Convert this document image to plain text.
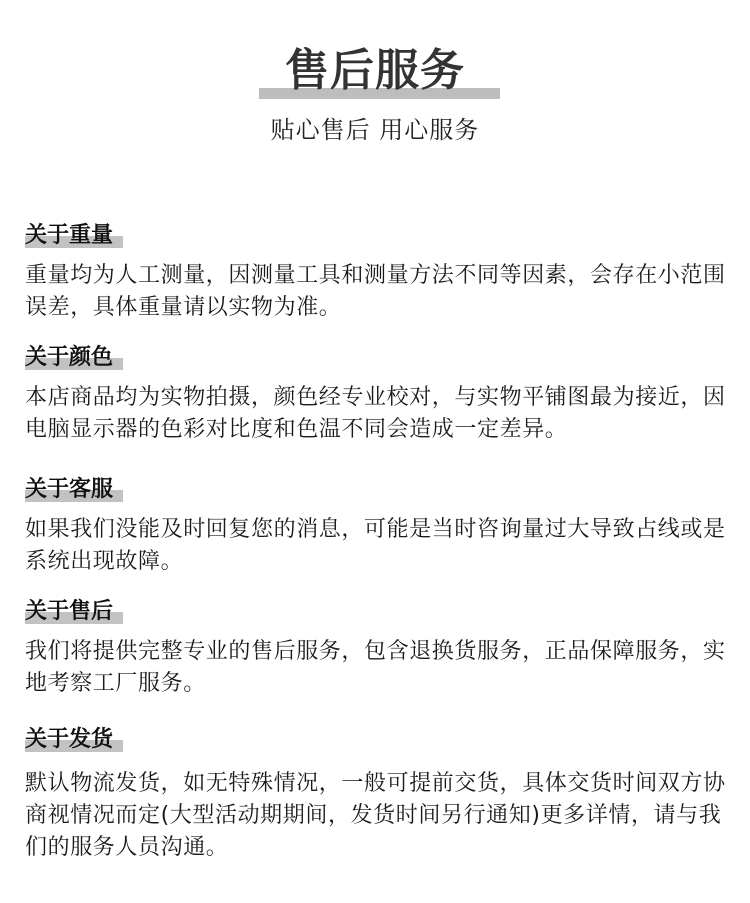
售后服务
贴心售后 用心服务
关于重量
重量均为人工测量，因测量工具和测量方法不同等因素，会存在小范围误差，具体重量请以实物为准。
关于颜色
本店商品均为实物拍摄，颜色经专业校对，与实物平铺图最为接近，因电脑显示器的色彩对比度和色温不同会造成一定差异。
关于客服
如果我们没能及时回复您的消息，可能是当时咨询量过大导致占线或是系统出现故障。
关于售后
我们将提供完整专业的售后服务，包含退换货服务，正品保障服务，实地考察工厂服务。
关于发货
默认物流发货，如无特殊情况，一般可提前交货，具体交货时间双方协商视情况而定(大型活动期期间，发货时间另行通知)更多详情，请与我们的服务人员沟通。
